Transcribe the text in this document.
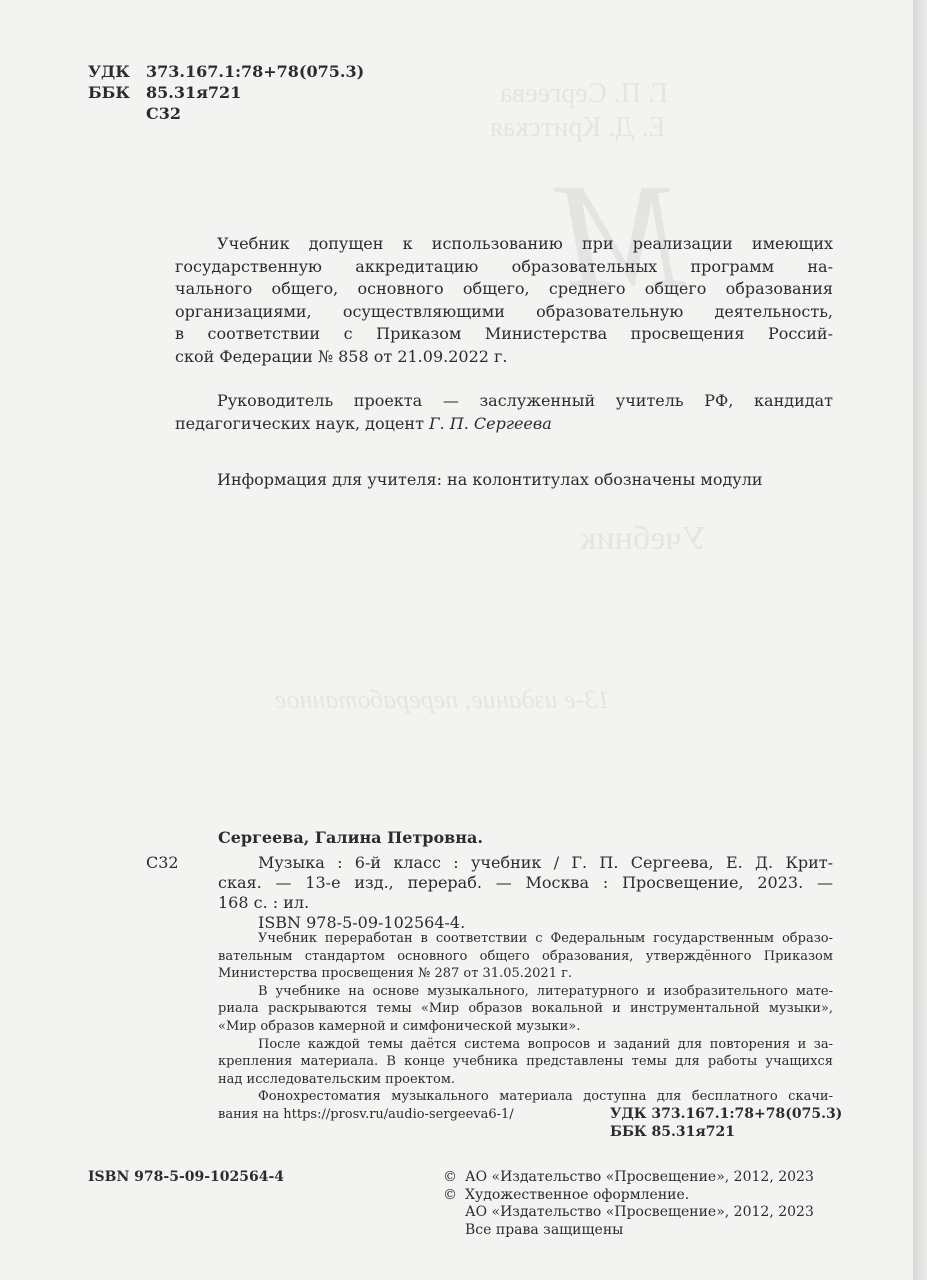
Г. П. Сергеева
Е. Д. Критская
M
Учебник
13-е издание, переработанное
УДК 373.167.1:78+78(075.3)
ББК 85.31я721
С32
Учебник допущен к использованию при реализации имеющих
государственную аккредитацию образовательных программ на-
чального общего, основного общего, среднего общего образования
организациями, осуществляющими образовательную деятельность,
в соответствии с Приказом Министерства просвещения Россий-
ской Федерации № 858 от 21.09.2022 г.
Руководитель проекта — заслуженный учитель РФ, кандидат
педагогических наук, доцент Г. П. Сергеева
Информация для учителя: на колонтитулах обозначены модули
Сергеева, Галина Петровна.
С32	Музыка : 6-й класс : учебник / Г. П. Сергеева, Е. Д. Крит-
ская. — 13-е изд., перераб. — Москва : Просвещение, 2023. —
168 с. : ил.
ISBN 978-5-09-102564-4.
Учебник переработан в соответствии с Федеральным государственным образо-
вательным стандартом основного общего образования, утверждённого Приказом
Министерства просвещения № 287 от 31.05.2021 г.
В учебнике на основе музыкального, литературного и изобразительного мате-
риала раскрываются темы «Мир образов вокальной и инструментальной музыки»,
«Мир образов камерной и симфонической музыки».
После каждой темы даётся система вопросов и заданий для повторения и за-
крепления материала. В конце учебника представлены темы для работы учащихся
над исследовательским проектом.
Фонохрестоматия музыкального материала доступна для бесплатного скачи-
вания на https://prosv.ru/audio-sergeeva6-1/	УДК 373.167.1:78+78(075.3)
ББК 85.31я721
ISBN 978-5-09-102564-4	© АО «Издательство «Просвещение», 2012, 2023
© Художественное оформление.
АО «Издательство «Просвещение», 2012, 2023
Все права защищены
